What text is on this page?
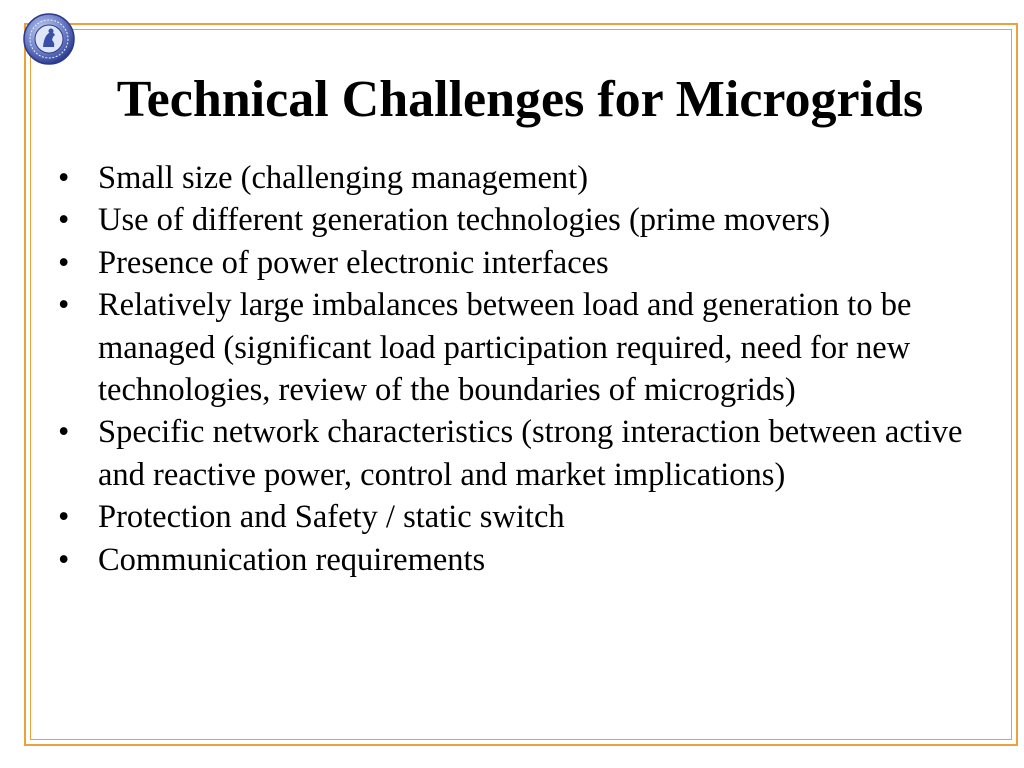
Technical Challenges for Microgrids
• Small size (challenging management)
• Use of different generation technologies (prime movers)
• Presence of power electronic interfaces
• Relatively large imbalances between load and generation to be managed (significant load participation required, need for new technologies, review of the boundaries of microgrids)
• Specific network characteristics (strong interaction between active and reactive power, control and market implications)
• Protection and Safety / static switch
• Communication requirements
